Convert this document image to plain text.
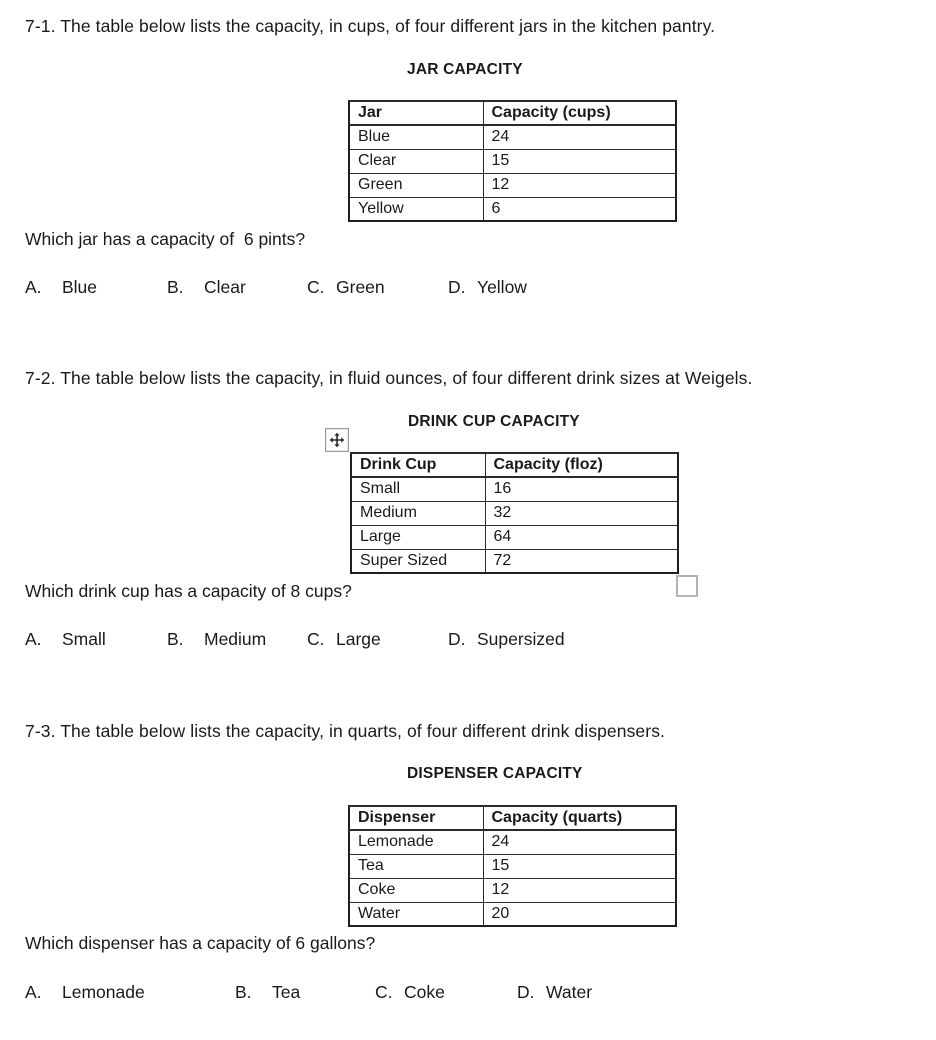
7-1. The table below lists the capacity, in cups, of four different jars in the kitchen pantry.
JAR CAPACITY
Jar	Capacity (cups)
Blue	24
Clear	15
Green	12
Yellow	6
Which jar has a capacity of  6 pints?
A. Blue	B. Clear	C. Green	D. Yellow
7-2. The table below lists the capacity, in fluid ounces, of four different drink sizes at Weigels.
DRINK CUP CAPACITY
Drink Cup	Capacity (floz)
Small	16
Medium	32
Large	64
Super Sized	72
Which drink cup has a capacity of 8 cups?
A. Small	B. Medium C. Large	D. Supersized
7-3. The table below lists the capacity, in quarts, of four different drink dispensers.
DISPENSER CAPACITY
Dispenser	Capacity (quarts)
Lemonade	24
Tea	15
Coke	12
Water	20
Which dispenser has a capacity of 6 gallons?
A. Lemonade	B. Tea	C. Coke	D. Water
